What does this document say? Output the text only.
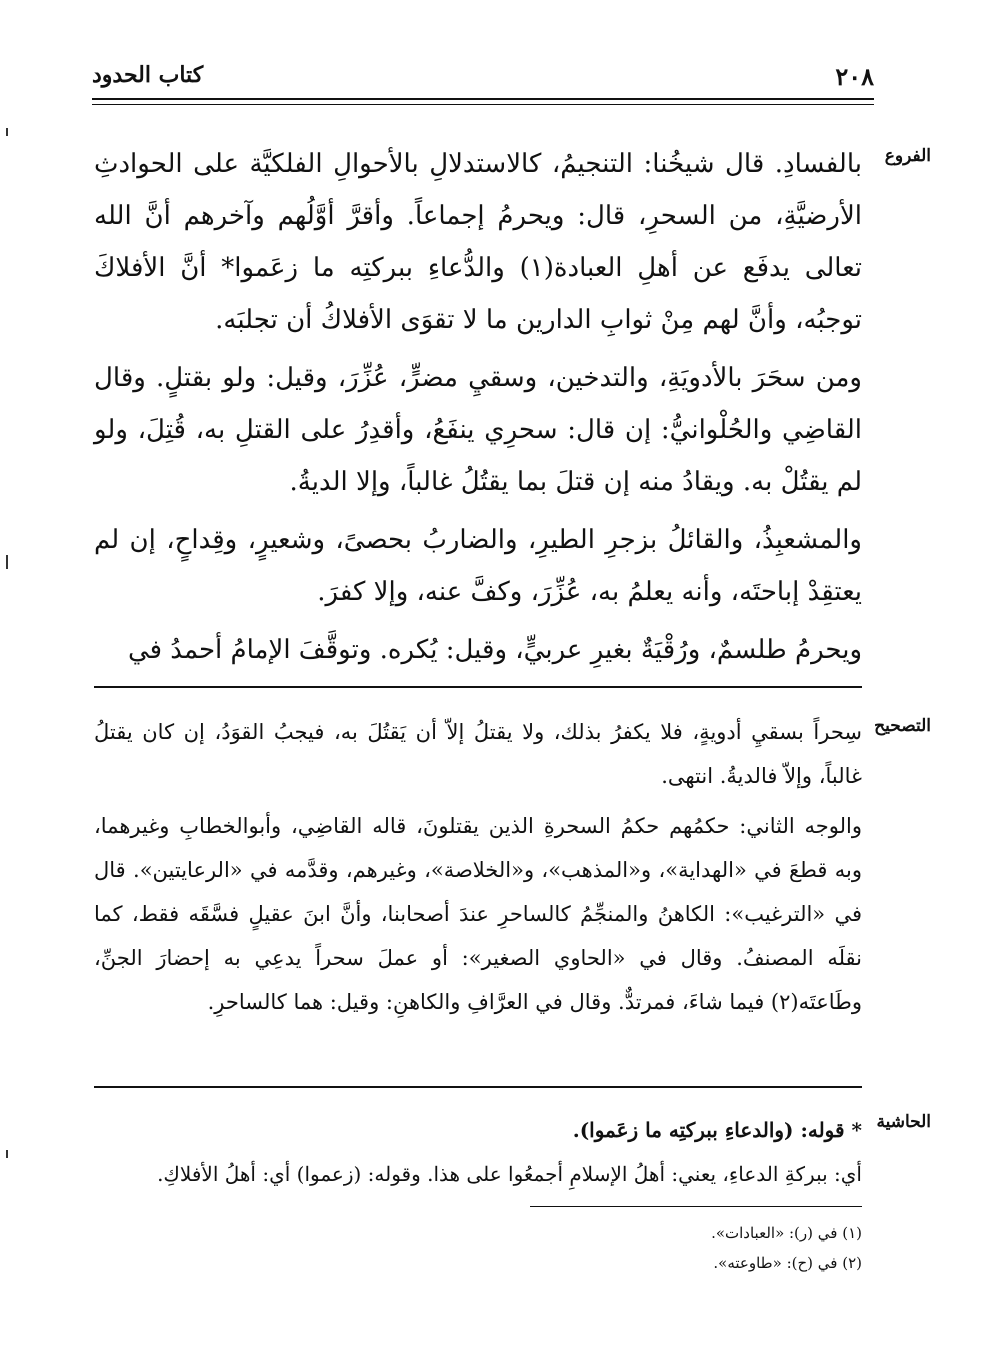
٢٠٨
كتاب الحدود
الفروع

بالفسادِ. قال شيخُنا: التنجيمُ، كالاستدلالِ بالأحوالِ الفلكيَّة على الحوادثِ الأرضيَّةِ، من السحرِ، قال: ويحرمُ إجماعاً. وأقرَّ أوَّلُهم وآخرهم أنَّ الله تعالى يدفَع عن أهلِ العبادة(١) والدُّعاءِ ببركتِه ما زعَموا* أنَّ الأفلاكَ توجبُه، وأنَّ لهم مِنْ ثوابِ الدارين ما لا تقوَى الأفلاكُ أن تجلبَه.

ومن سحَرَ بالأدويَةِ، والتدخين، وسقيِ مضرٍّ، عُزِّرَ، وقيل: ولو بقتلٍ. وقال القاضِي والحُلْوانيُّ: إن قال: سحرِي ينفَعُ، وأقدِرُ على القتلِ به، قُتِلَ، ولو لم يقتُلْ به. ويقادُ منه إن قتلَ بما يقتُلُ غالباً، وإلا الديةُ.

والمشعبِذُ، والقائلُ بزجرِ الطيرِ، والضاربُ بحصىً، وشعيرٍ، وقِداحٍ، إن لم يعتقِدْ إباحتَه، وأنه يعلمُ به، عُزِّرَ، وكفَّ عنه، وإلا كفرَ.

ويحرمُ طلسمٌ، ورُقْيَةٌ بغيرِ عربيٍّ، وقيل: يُكره. وتوقَّفَ الإمامُ أحمدُ في

التصحيح

سِحراً بسقيِ أدويةٍ، فلا يكفرُ بذلك، ولا يقتلُ إلاّ أن يَقتُلَ به، فيجبُ القوَدُ، إن كان يقتلُ غالباً، وإلاّ فالديةُ. انتهى.

والوجه الثاني: حكمُهم حكمُ السحرةِ الذين يقتلونَ، قاله القاضِي، وأبوالخطابِ وغيرهما، وبه قطعَ في «الهداية»، و«المذهب»، و«الخلاصة»، وغيرهم، وقدَّمه في «الرعايتين». قال في «الترغيب»: الكاهنُ والمنجِّمُ كالساحرِ عندَ أصحابنا، وأنَّ ابنَ عقيلٍ فسَّقَه فقط، كما نقلَه المصنفُ. وقال في «الحاوي الصغير»: أو عملَ سحراً يدعِي به إحضارَ الجنِّ، وطَاعتَه(٢) فيما شاءَ، فمرتدٌّ. وقال في العرَّافِ والكاهنِ: وقيل: هما كالساحرِ.

الحاشية

* قوله: (والدعاءِ ببركتِه ما زعَموا).

أي: ببركةِ الدعاءِ، يعني: أهلُ الإسلامِ أجمعُوا على هذا. وقوله: (زعموا) أي: أهلُ الأفلاكِ.

(١) في (ر): «العبادات».

(٢) في (ح): «طاوعته».
